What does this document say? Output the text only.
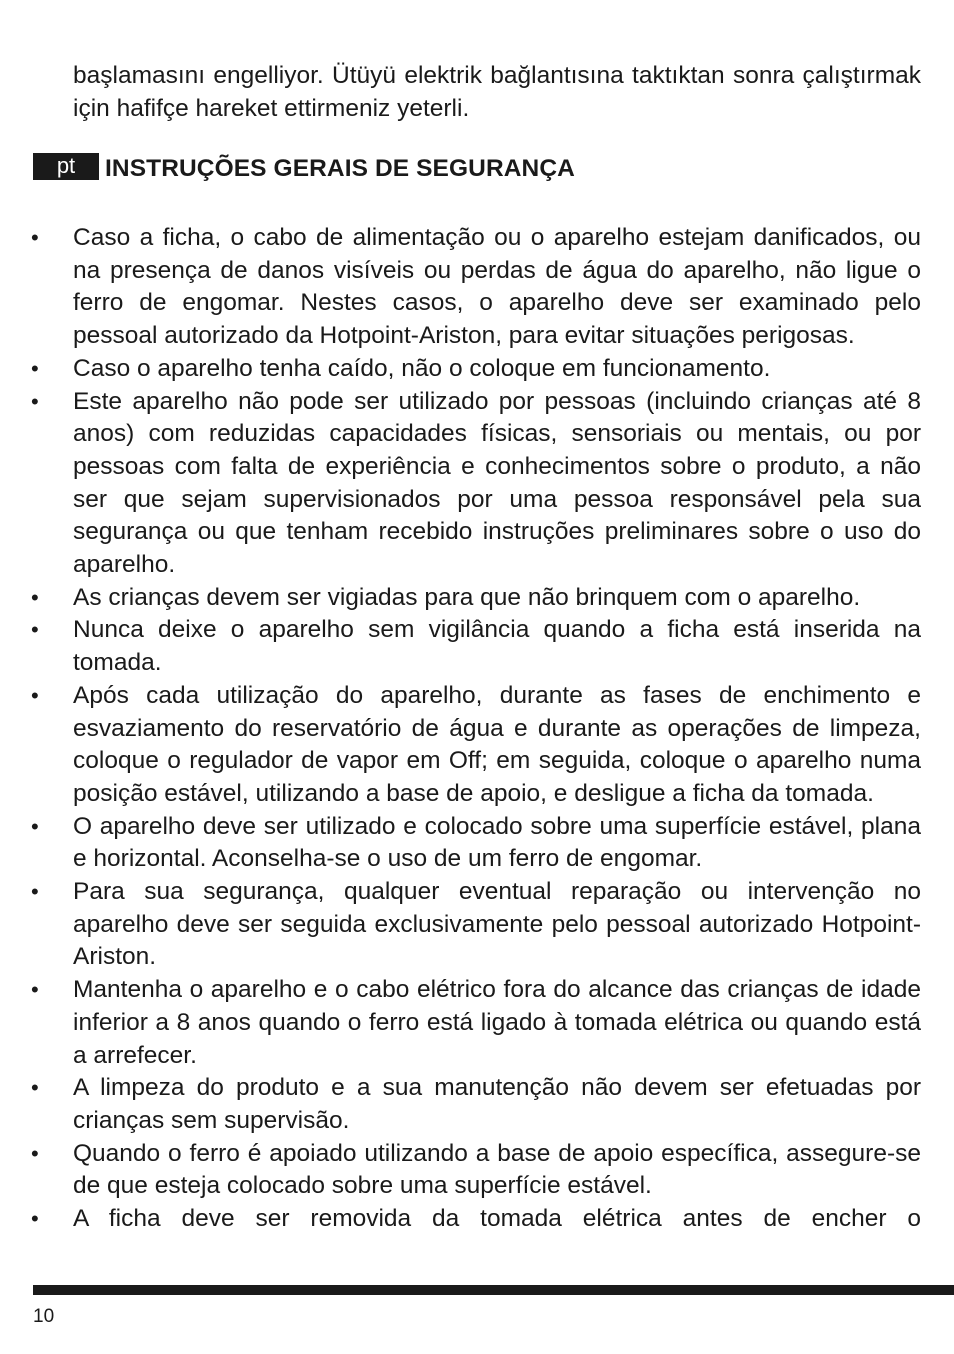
başlamasını engelliyor. Ütüyü elektrik bağlantısına taktıktan sonra çalıştırmak için hafifçe hareket ettirmeniz yeterli.

pt	INSTRUÇÕES GERAIS DE SEGURANÇA
• Caso a ficha, o cabo de alimentação ou o aparelho estejam danificados, ou na presença de danos visíveis ou perdas de água do aparelho, não ligue o ferro de engomar. Nestes casos, o aparelho deve ser examinado pelo pessoal autorizado da Hotpoint-Ariston, para evitar situações perigosas.
• Caso o aparelho tenha caído, não o coloque em funcionamento.
• Este aparelho não pode ser utilizado por pessoas (incluindo crianças até 8 anos) com reduzidas capacidades físicas, sensoriais ou mentais, ou por pessoas com falta de experiência e conhecimentos sobre o produto, a não ser que sejam supervisionados por uma pessoa responsável pela sua segurança ou que tenham recebido instruções preliminares sobre o uso do aparelho.
• As crianças devem ser vigiadas para que não brinquem com o aparelho.
• Nunca deixe o aparelho sem vigilância quando a ficha está inserida na tomada.
• Após cada utilização do aparelho, durante as fases de enchimento e esvaziamento do reservatório de água e durante as operações de limpeza, coloque o regulador de vapor em Off; em seguida, coloque o aparelho numa posição estável, utilizando a base de apoio, e desligue a ficha da tomada.
• O aparelho deve ser utilizado e colocado sobre uma superfície estável, plana e horizontal. Aconselha-se o uso de um ferro de engomar.
• Para sua segurança, qualquer eventual reparação ou intervenção no aparelho deve ser seguida exclusivamente pelo pessoal autorizado Hotpoint-Ariston.
• Mantenha o aparelho e o cabo elétrico fora do alcance das crianças de idade inferior a 8 anos quando o ferro está ligado à tomada elétrica ou quando está a arrefecer.
• A limpeza do produto e a sua manutenção não devem ser efetuadas por crianças sem supervisão.
• Quando o ferro é apoiado utilizando a base de apoio específica, assegure-se de que esteja colocado sobre uma superfície estável.
• A ficha deve ser removida da tomada elétrica antes de encher o
10
